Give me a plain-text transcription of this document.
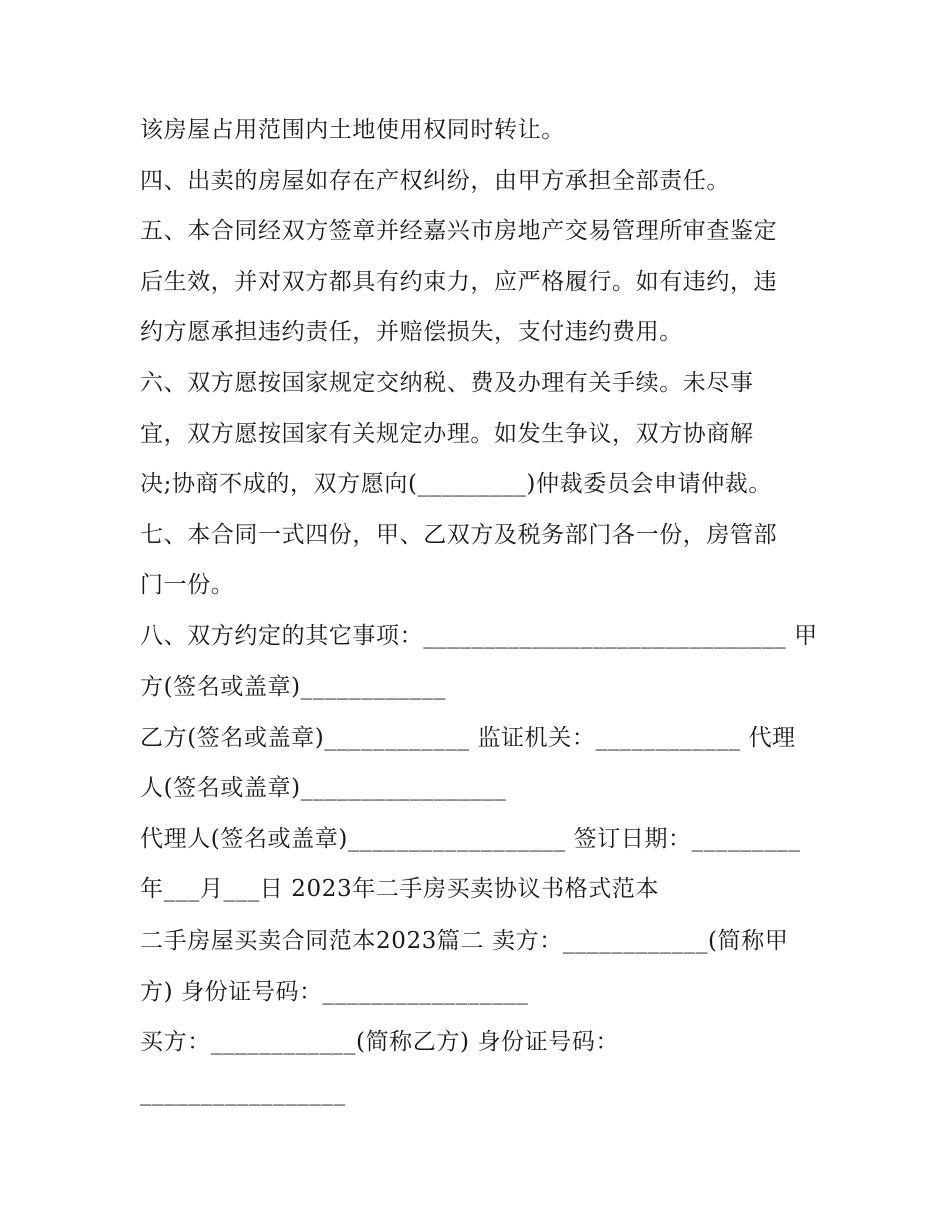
该房屋占用范围内土地使用权同时转让。
四、出卖的房屋如存在产权纠纷，由甲方承担全部责任。
五、本合同经双方签章并经嘉兴市房地产交易管理所审查鉴定
后生效，并对双方都具有约束力，应严格履行。如有违约，违
约方愿承担违约责任，并赔偿损失，支付违约费用。
六、双方愿按国家规定交纳税、费及办理有关手续。未尽事
宜，双方愿按国家有关规定办理。如发生争议，双方协商解
决;协商不成的，双方愿向(_________)仲裁委员会申请仲裁。
七、本合同一式四份，甲、乙双方及税务部门各一份，房管部
门一份。
八、双方约定的其它事项：______________________________ 甲
方(签名或盖章)____________
乙方(签名或盖章)____________ 监证机关：____________ 代理
人(签名或盖章)_________________
代理人(签名或盖章)__________________ 签订日期：_________
年___月___日 2023年二手房买卖协议书格式范本
二手房屋买卖合同范本2023篇二 卖方：____________(简称甲
方) 身份证号码：_________________
买方：____________(简称乙方) 身份证号码：
_________________
